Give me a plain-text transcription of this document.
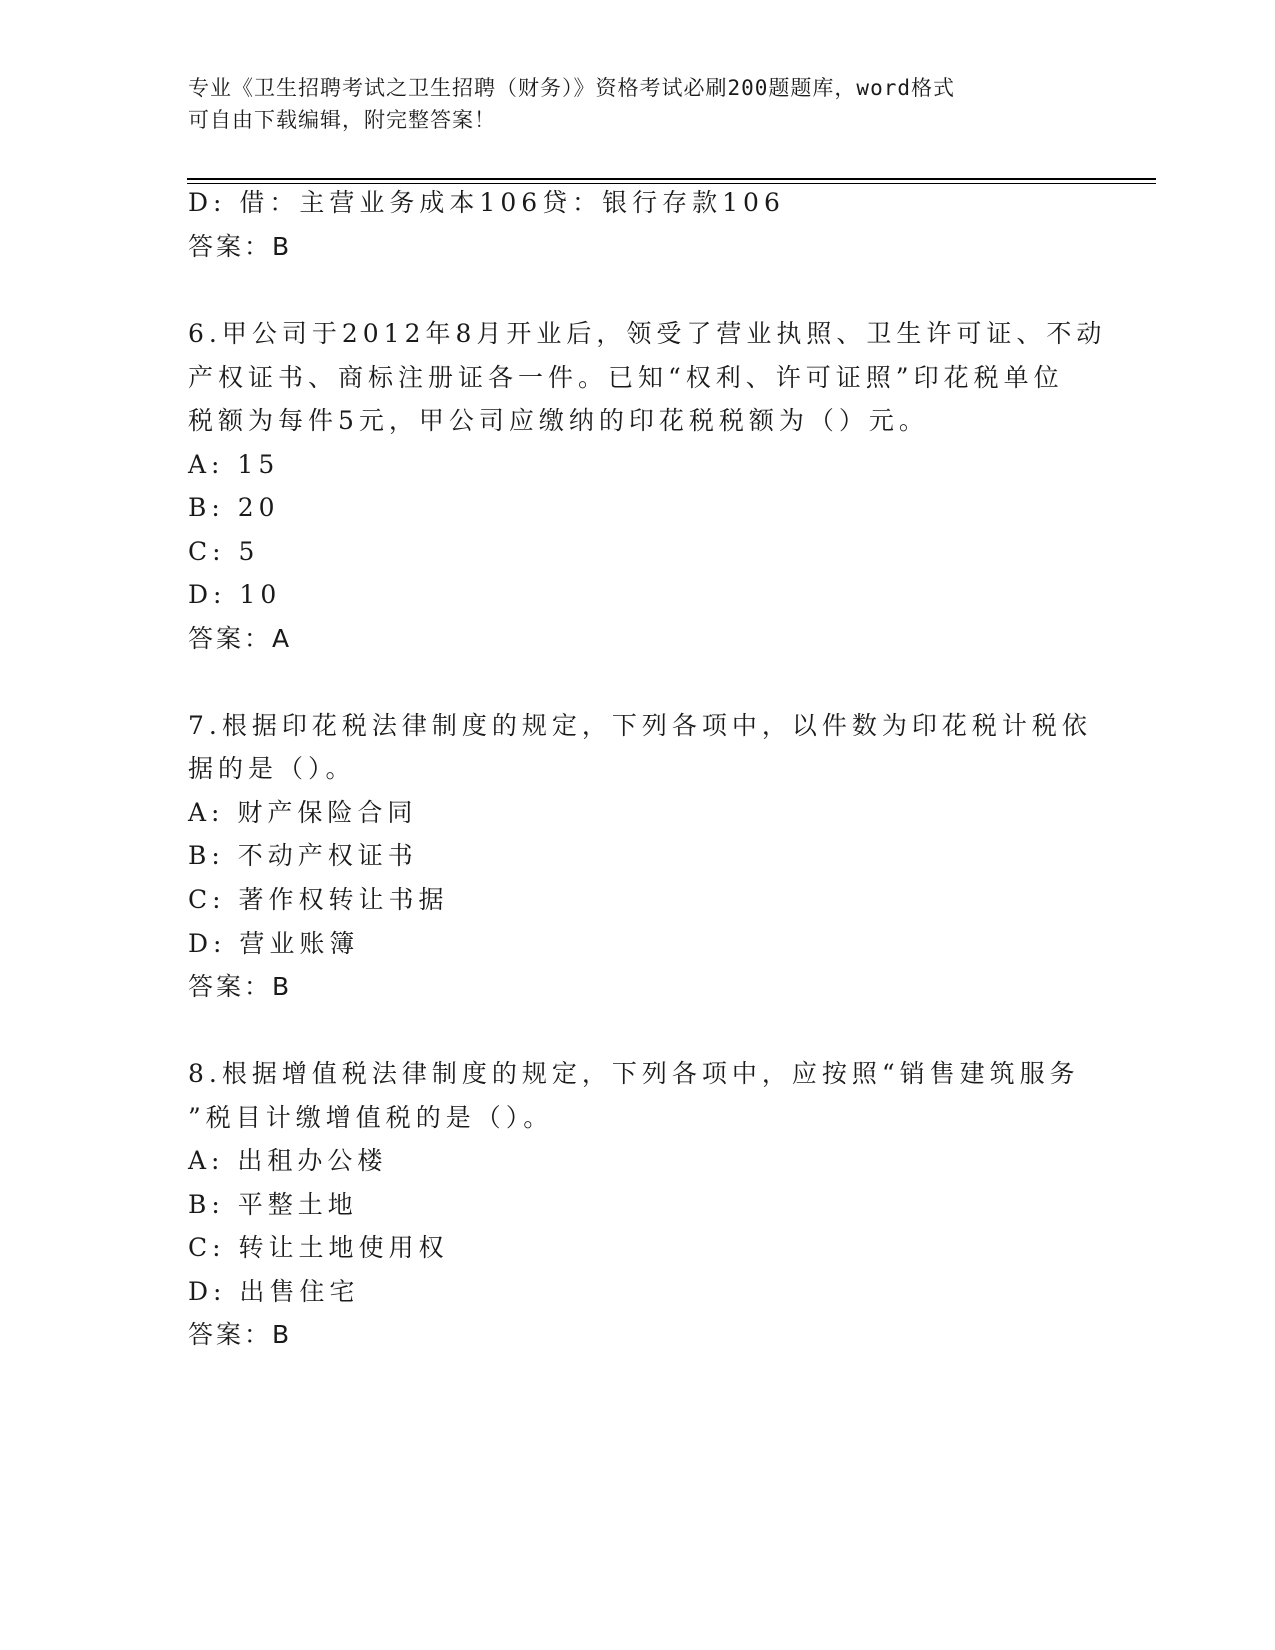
专业《卫生招聘考试之卫生招聘（财务）》资格考试必刷200题题库，word格式
可自由下载编辑，附完整答案！
D: 借：主营业务成本106贷：银行存款106
答案：B
6.甲公司于2012年8月开业后，领受了营业执照、卫生许可证、不动
产权证书、商标注册证各一件。已知“权利、许可证照”印花税单位
税额为每件5元，甲公司应缴纳的印花税税额为（）元。
A: 15
B: 20
C: 5
D: 10
答案：A
7.根据印花税法律制度的规定，下列各项中，以件数为印花税计税依
据的是（）。
A: 财产保险合同
B: 不动产权证书
C: 著作权转让书据
D: 营业账簿
答案：B
8.根据增值税法律制度的规定，下列各项中，应按照“销售建筑服务
”税目计缴增值税的是（）。
A: 出租办公楼
B: 平整土地
C: 转让土地使用权
D: 出售住宅
答案：B
